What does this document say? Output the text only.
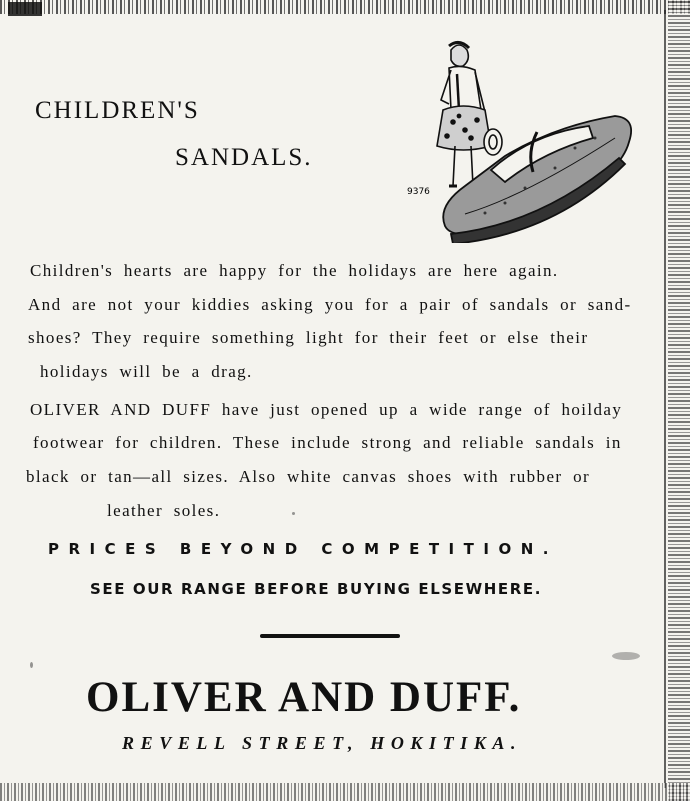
CHILDREN'S
SANDALS.
9376
Children's hearts are happy for the holidays are here again.
And are not your kiddies asking you for a pair of sandals or sand-
shoes? They require something light for their feet or else their
holidays will be a drag.
OLIVER AND DUFF have just opened up a wide range of hoilday
footwear for children. These include strong and reliable sandals in
black or tan—all sizes. Also white canvas shoes with rubber or
leather soles.
PRICES BEYOND COMPETITION.
SEE OUR RANGE BEFORE BUYING ELSEWHERE.
OLIVER AND DUFF.
REVELL STREET, HOKITIKA.
